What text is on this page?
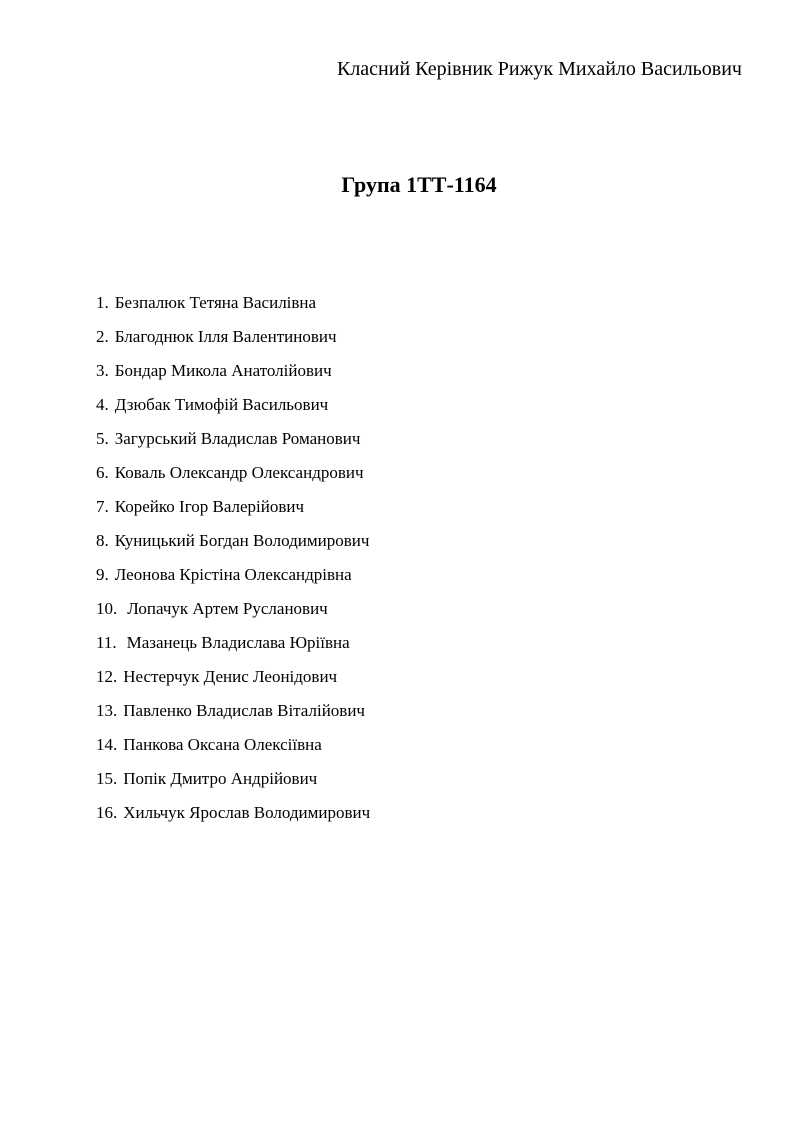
Класний Керівник Рижук Михайло Васильович
Група 1ТТ-1164
1. Безпалюк Тетяна Василівна
2. Благоднюк Ілля Валентинович
3. Бондар Микола Анатолійович
4. Дзюбак Тимофій Васильович
5. Загурський Владислав Романович
6. Коваль Олександр Олександрович
7. Корейко Ігор Валерійович
8. Куницький Богдан Володимирович
9. Леонова Крістіна Олександрівна
10. Лопачук Артем Русланович
11. Мазанець Владислава Юріївна
12. Нестерчук Денис Леонідович
13. Павленко Владислав Віталійович
14. Панкова Оксана Олексіївна
15. Попік Дмитро Андрійович
16. Хильчук Ярослав Володимирович
